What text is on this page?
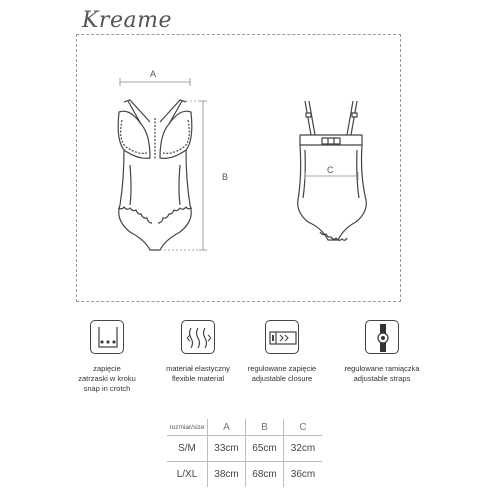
Kreame
A
B
C
zapięcie
zatrzaski w kroku
snap in crotch
materiał elastyczny
flexible material
regulowane zapięcie
adjustable closure
regulowane ramiączka
adjustable straps
rozmiar/size	A	B	C
S/M	33cm	65cm	32cm
L/XL	38cm	68cm	36cm
